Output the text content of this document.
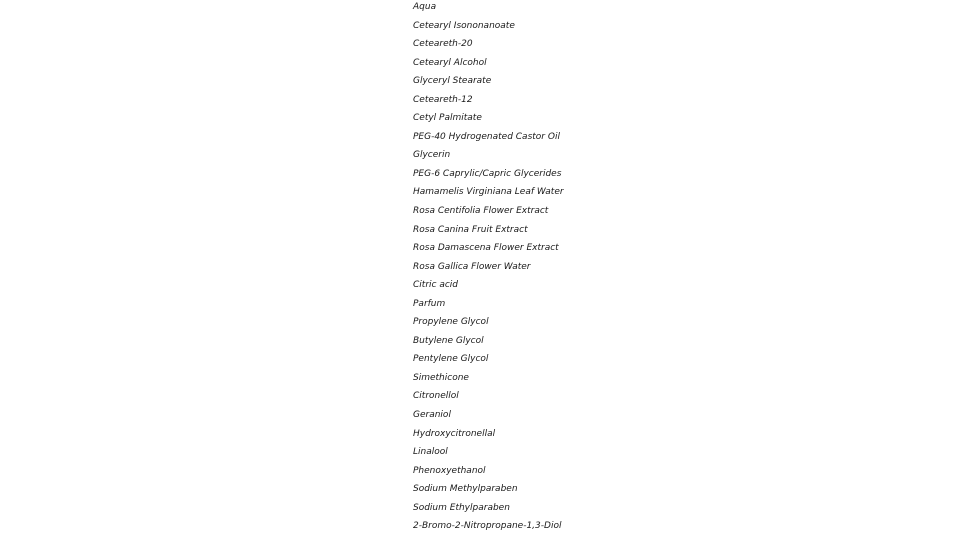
Aqua
Cetearyl Isononanoate
Ceteareth-20
Cetearyl Alcohol
Glyceryl Stearate
Ceteareth-12
Cetyl Palmitate
PEG-40 Hydrogenated Castor Oil
Glycerin
PEG-6 Caprylic/Capric Glycerides
Hamamelis Virginiana Leaf Water
Rosa Centifolia Flower Extract
Rosa Canina Fruit Extract
Rosa Damascena Flower Extract
Rosa Gallica Flower Water
Citric acid
Parfum
Propylene Glycol
Butylene Glycol
Pentylene Glycol
Simethicone
Citronellol
Geraniol
Hydroxycitronellal
Linalool
Phenoxyethanol
Sodium Methylparaben
Sodium Ethylparaben
2-Bromo-2-Nitropropane-1,3-Diol
